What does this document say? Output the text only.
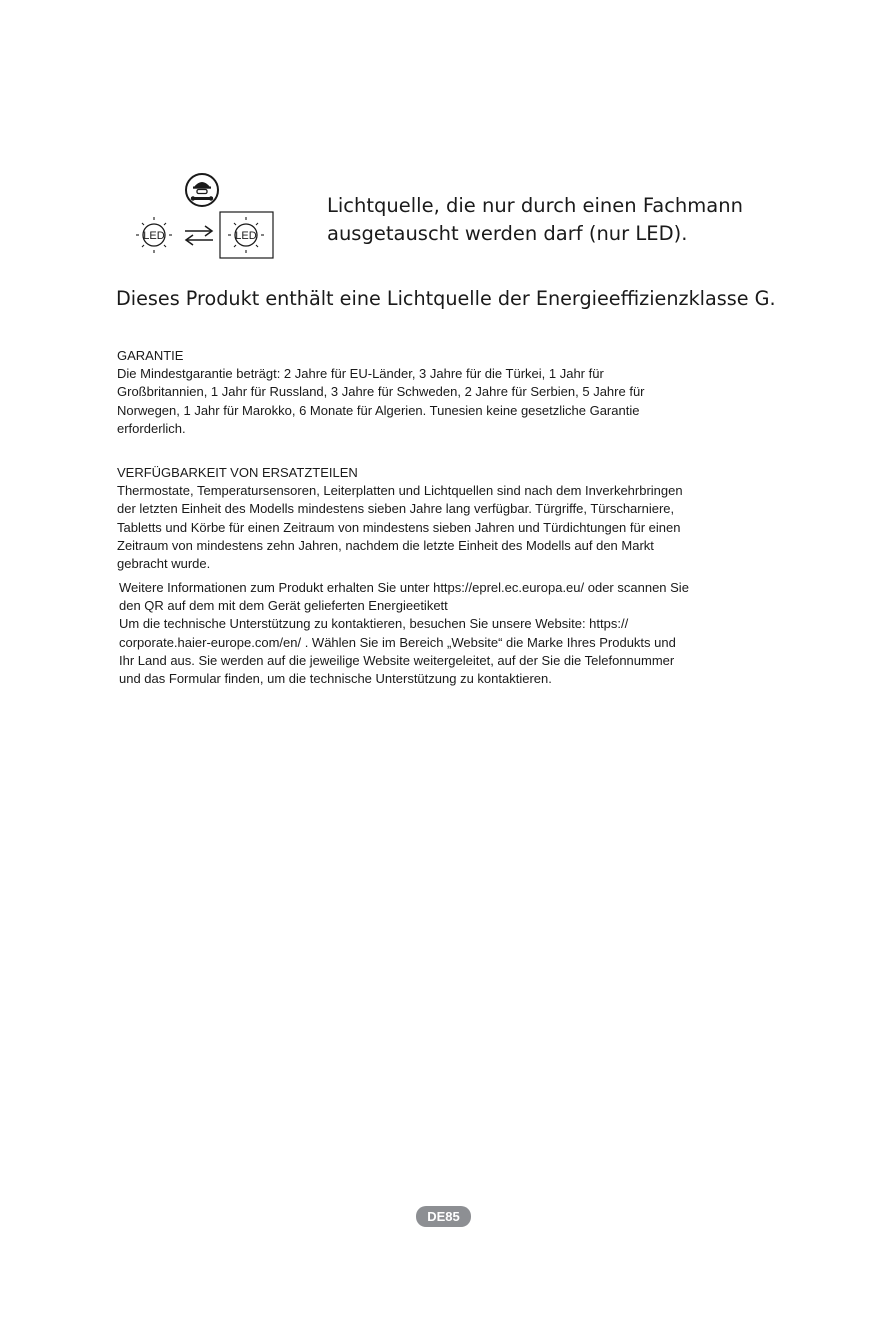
LED	LED
Lichtquelle, die nur durch einen Fachmann
ausgetauscht werden darf (nur LED).
Dieses Produkt enthält eine Lichtquelle der Energieeffizienzklasse G.

GARANTIE

Die Mindestgarantie beträgt: 2 Jahre für EU-Länder, 3 Jahre für die Türkei, 1 Jahr für

Großbritannien, 1 Jahr für Russland, 3 Jahre für Schweden, 2 Jahre für Serbien, 5 Jahre für

Norwegen, 1 Jahr für Marokko, 6 Monate für Algerien. Tunesien keine gesetzliche Garantie

erforderlich.

VERFÜGBARKEIT VON ERSATZTEILEN

Thermostate, Temperatursensoren, Leiterplatten und Lichtquellen sind nach dem Inverkehrbringen

der letzten Einheit des Modells mindestens sieben Jahre lang verfügbar. Türgriffe, Türscharniere,

Tabletts und Körbe für einen Zeitraum von mindestens sieben Jahren und Türdichtungen für einen

Zeitraum von mindestens zehn Jahren, nachdem die letzte Einheit des Modells auf den Markt

gebracht wurde.

Weitere Informationen zum Produkt erhalten Sie unter https://eprel.ec.europa.eu/ oder scannen Sie

den QR auf dem mit dem Gerät gelieferten Energieetikett

Um die technische Unterstützung zu kontaktieren, besuchen Sie unsere Website: https://

corporate.haier-europe.com/en/ . Wählen Sie im Bereich „Website“ die Marke Ihres Produkts und

Ihr Land aus. Sie werden auf die jeweilige Website weitergeleitet, auf der Sie die Telefonnummer

und das Formular finden, um die technische Unterstützung zu kontaktieren.

DE85
